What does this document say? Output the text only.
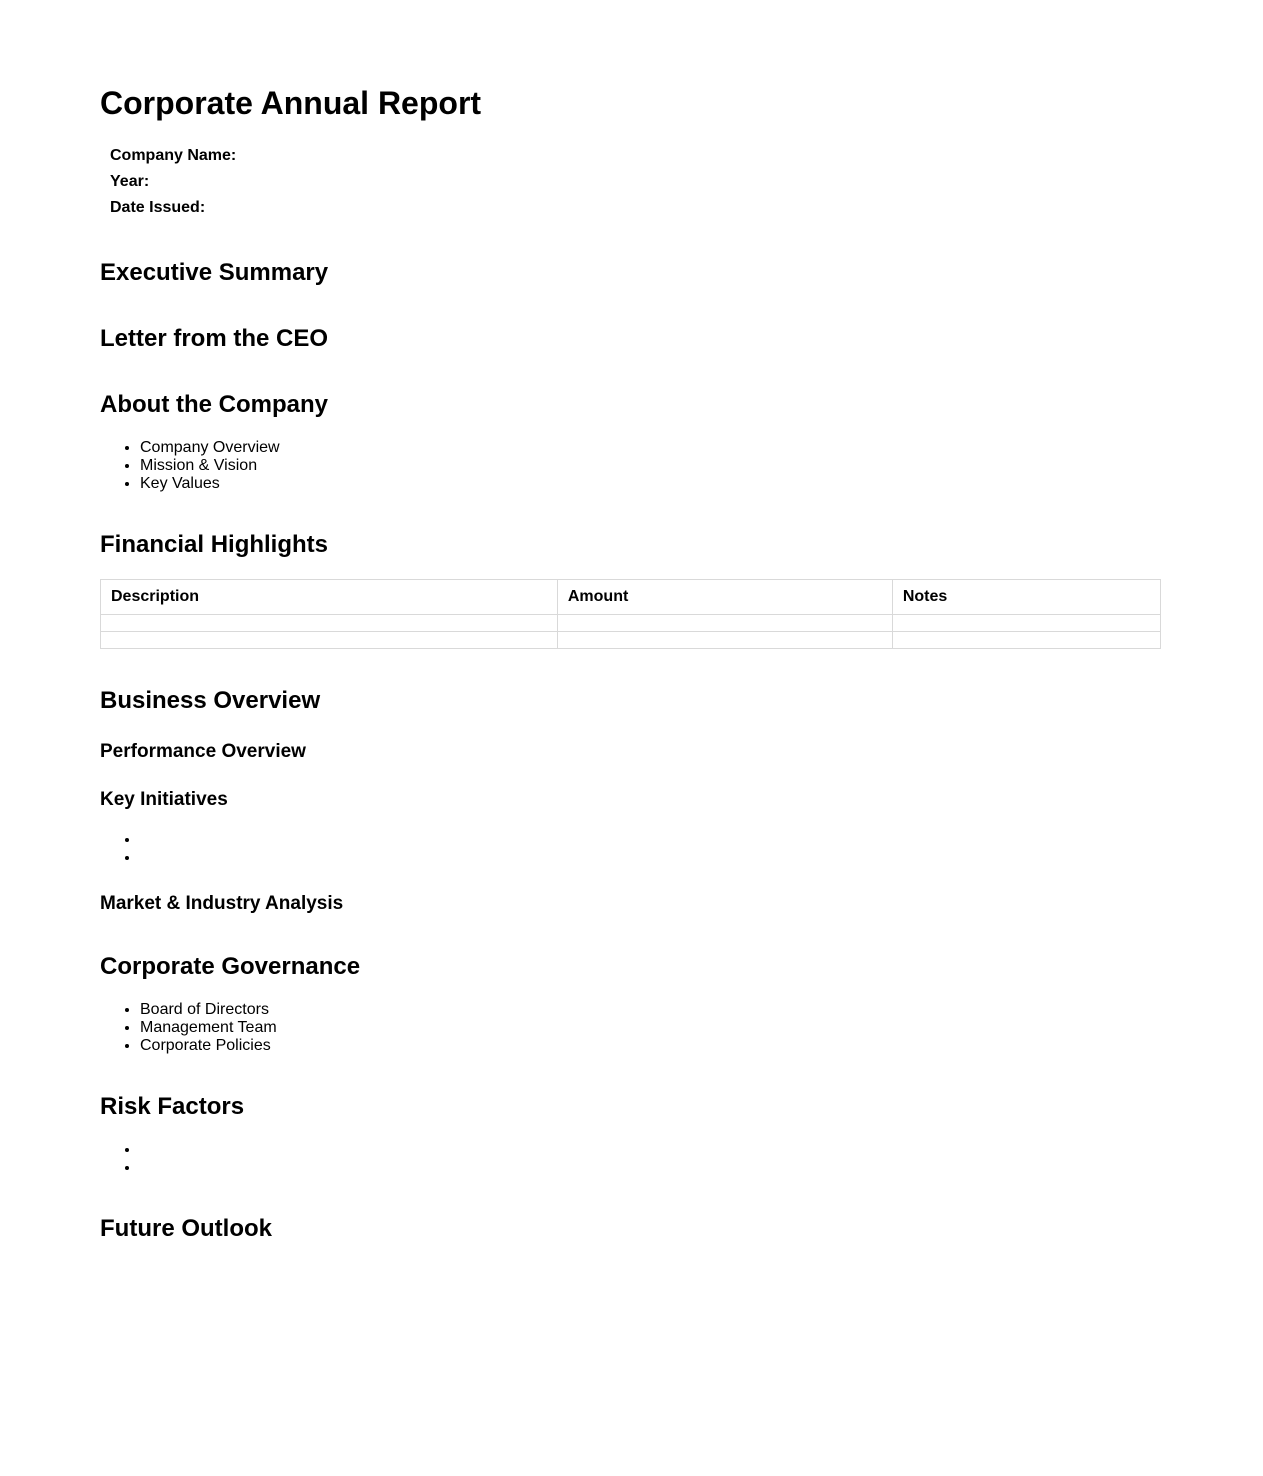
Corporate Annual Report
Company Name:
Year:
Date Issued:
Executive Summary
Letter from the CEO
About the Company
• Company Overview
• Mission & Vision
• Key Values
Financial Highlights
Description	Amount	Notes

Business Overview
Performance Overview
Key Initiatives
•
•
Market & Industry Analysis
Corporate Governance
• Board of Directors
• Management Team
• Corporate Policies
Risk Factors
•
•
Future Outlook
